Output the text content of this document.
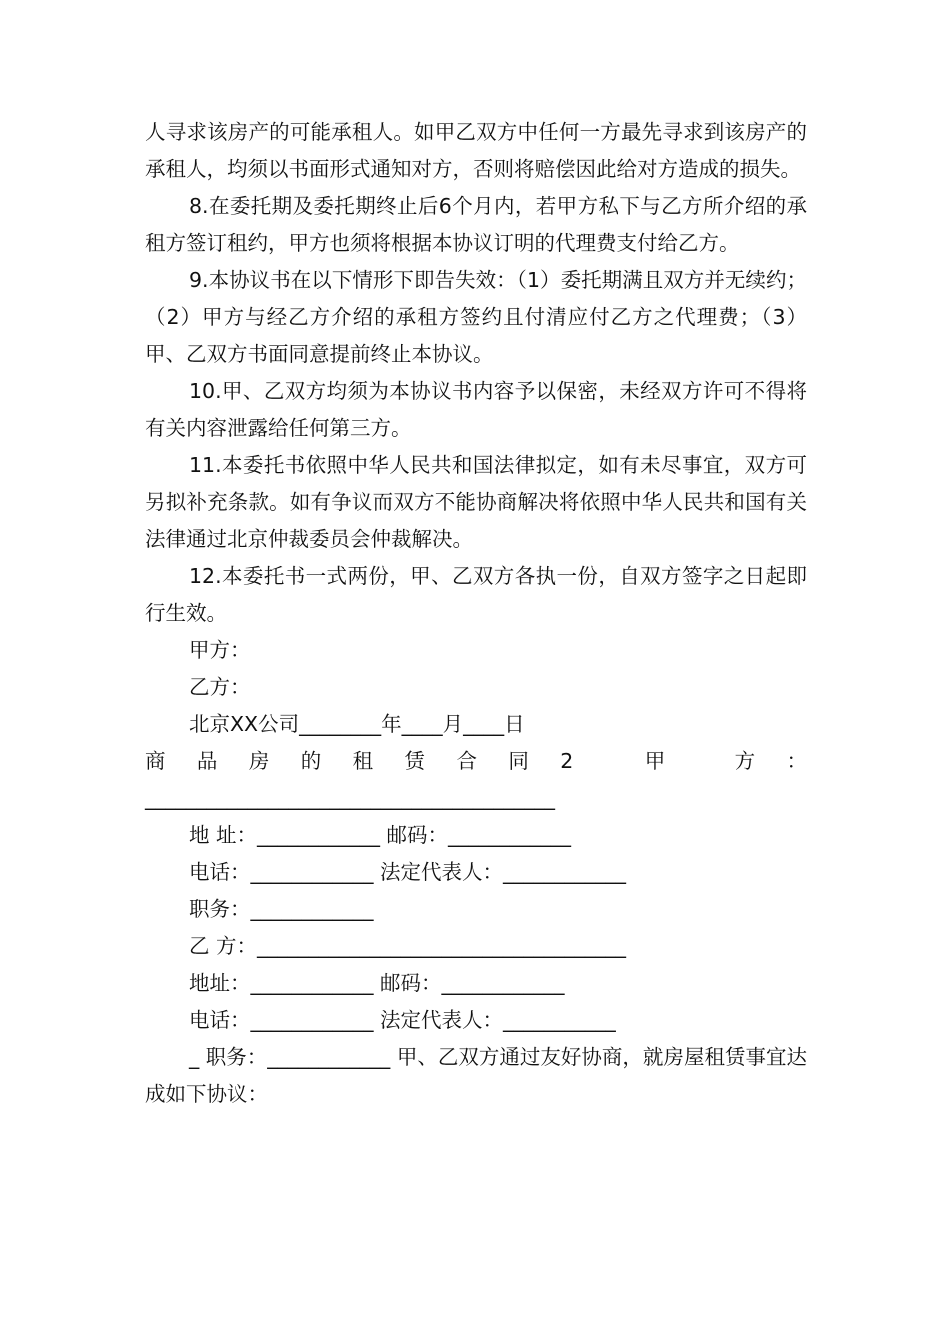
人寻求该房产的可能承租人。如甲乙双方中任何一方最先寻求到该房产的承租人，均须以书面形式通知对方，否则将赔偿因此给对方造成的损失。

8.在委托期及委托期终止后6个月内，若甲方私下与乙方所介绍的承租方签订租约，甲方也须将根据本协议订明的代理费支付给乙方。

9.本协议书在以下情形下即告失效：（1）委托期满且双方并无续约；（2）甲方与经乙方介绍的承租方签约且付清应付乙方之代理费；（3）甲、乙双方书面同意提前终止本协议。

10.甲、乙双方均须为本协议书内容予以保密，未经双方许可不得将有关内容泄露给任何第三方。

11.本委托书依照中华人民共和国法律拟定，如有未尽事宜，双方可另拟补充条款。如有争议而双方不能协商解决将依照中华人民共和国有关法律通过北京仲裁委员会仲裁解决。

12.本委托书一式两份，甲、乙双方各执一份，自双方签字之日起即行生效。

甲方：

乙方：

北京XX公司________年____月____日

商品房的租赁合同2 甲 方：________________________________________

地 址：____________ 邮码：____________

电话：____________ 法定代表人：____________

职务：____________

乙 方：____________________________________

地址：____________ 邮码：____________

电话：____________ 法定代表人：___________

_ 职务：____________ 甲、乙双方通过友好协商，就房屋租赁事宜达成如下协议：
